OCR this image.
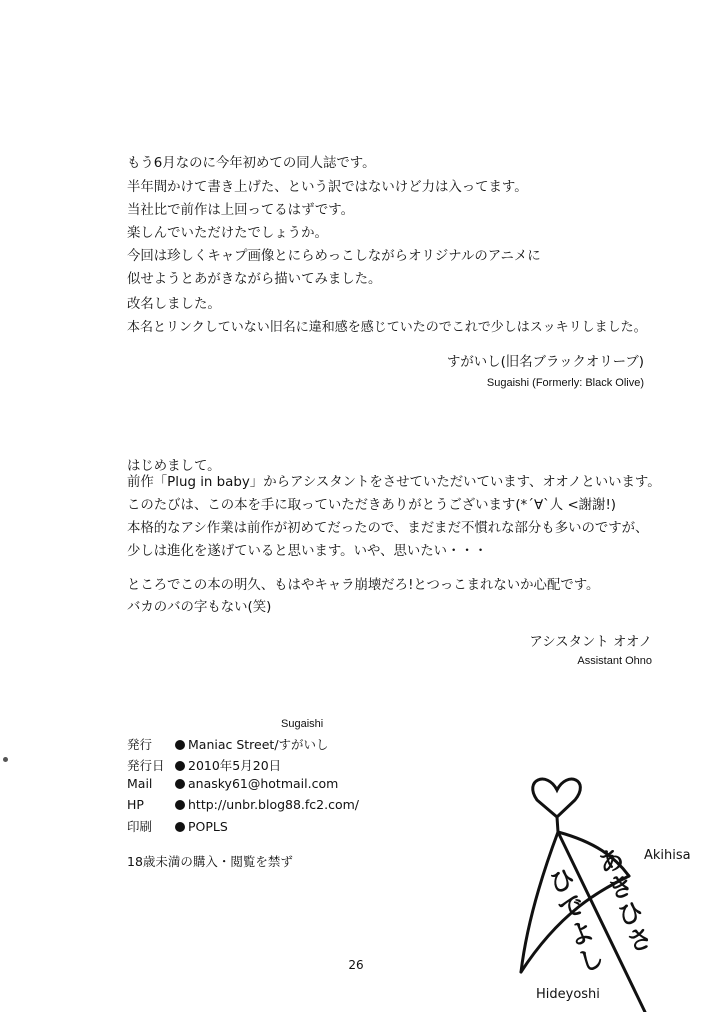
もう6月なのに今年初めての同人誌です。
半年間かけて書き上げた、という訳ではないけど力は入ってます。
当社比で前作は上回ってるはずです。
楽しんでいただけたでしょうか。
今回は珍しくキャプ画像とにらめっこしながらオリジナルのアニメに
似せようとあがきながら描いてみました。
改名しました。
本名とリンクしていない旧名に違和感を感じていたのでこれで少しはスッキリしました。
すがいし(旧名ブラックオリーブ)
Sugaishi (Formerly: Black Olive)
はじめまして。
前作「Plug in baby」からアシスタントをさせていただいています、オオノといいます。
このたびは、この本を手に取っていただきありがとうございます(*´∀`人 <謝謝!)
本格的なアシ作業は前作が初めてだったので、まだまだ不慣れな部分も多いのですが、
少しは進化を遂げていると思います。いや、思いたい・・・
ところでこの本の明久、もはやキャラ崩壊だろ!とつっこまれないか心配です。
バカのバの字もない(笑)
アシスタント オオノ
Assistant Ohno
Sugaishi
発行	Maniac Street/すがいし
発行日 2010年5月20日
Mail	anasky61@hotmail.com
HP	http://unbr.blog88.fc2.com/
印刷	POPLS
18歳未満の購入・閲覧を禁ず	Akihisa
Hideyoshi
あきひさ
ひでよし
26
